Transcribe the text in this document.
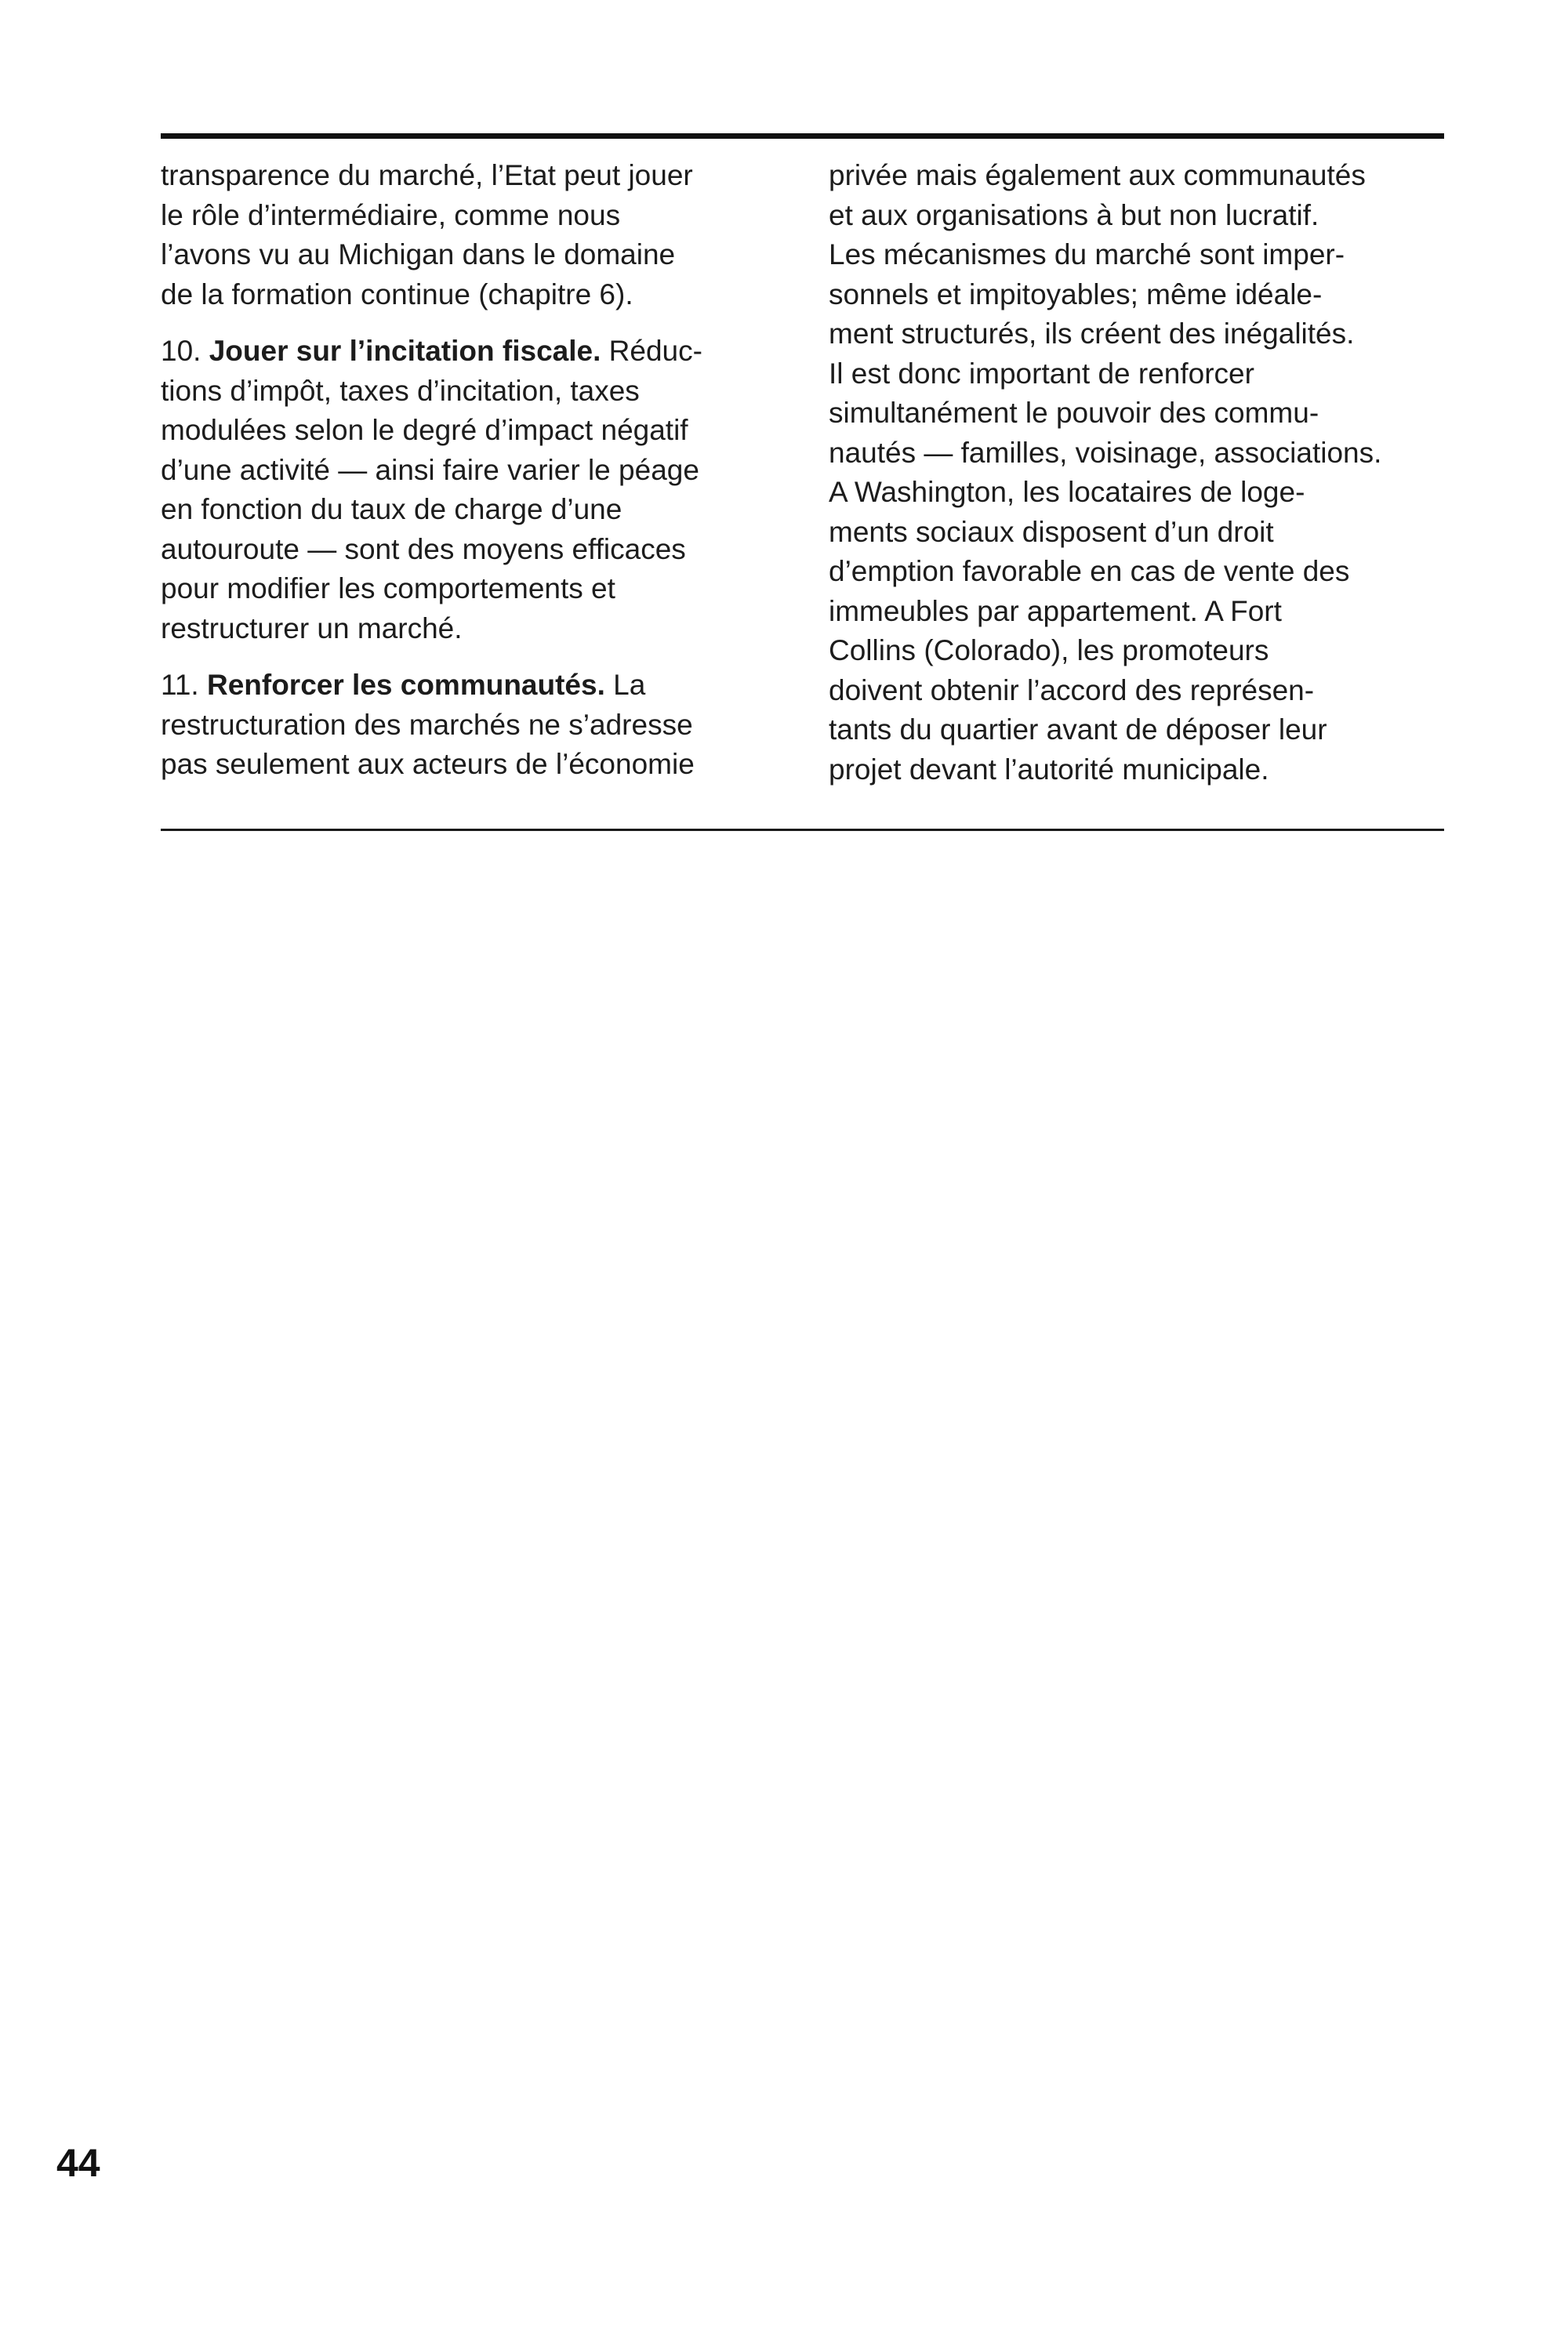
transparence du marché, l’Etat peut jouer
le rôle d’intermédiaire, comme nous
l’avons vu au Michigan dans le domaine
de la formation continue (chapitre 6).

10. Jouer sur l’incitation fiscale. Réduc-
tions d’impôt, taxes d’incitation, taxes
modulées selon le degré d’impact négatif
d’une activité — ainsi faire varier le péage
en fonction du taux de charge d’une
autouroute — sont des moyens efficaces
pour modifier les comportements et
restructurer un marché.

11. Renforcer les communautés. La
restructuration des marchés ne s’adresse
pas seulement aux acteurs de l’économie

privée mais également aux communautés
et aux organisations à but non lucratif.
Les mécanismes du marché sont imper-
sonnels et impitoyables; même idéale-
ment structurés, ils créent des inégalités.
Il est donc important de renforcer
simultanément le pouvoir des commu-
nautés — familles, voisinage, associations.
A Washington, les locataires de loge-
ments sociaux disposent d’un droit
d’emption favorable en cas de vente des
immeubles par appartement. A Fort
Collins (Colorado), les promoteurs
doivent obtenir l’accord des représen-
tants du quartier avant de déposer leur
projet devant l’autorité municipale.

44
